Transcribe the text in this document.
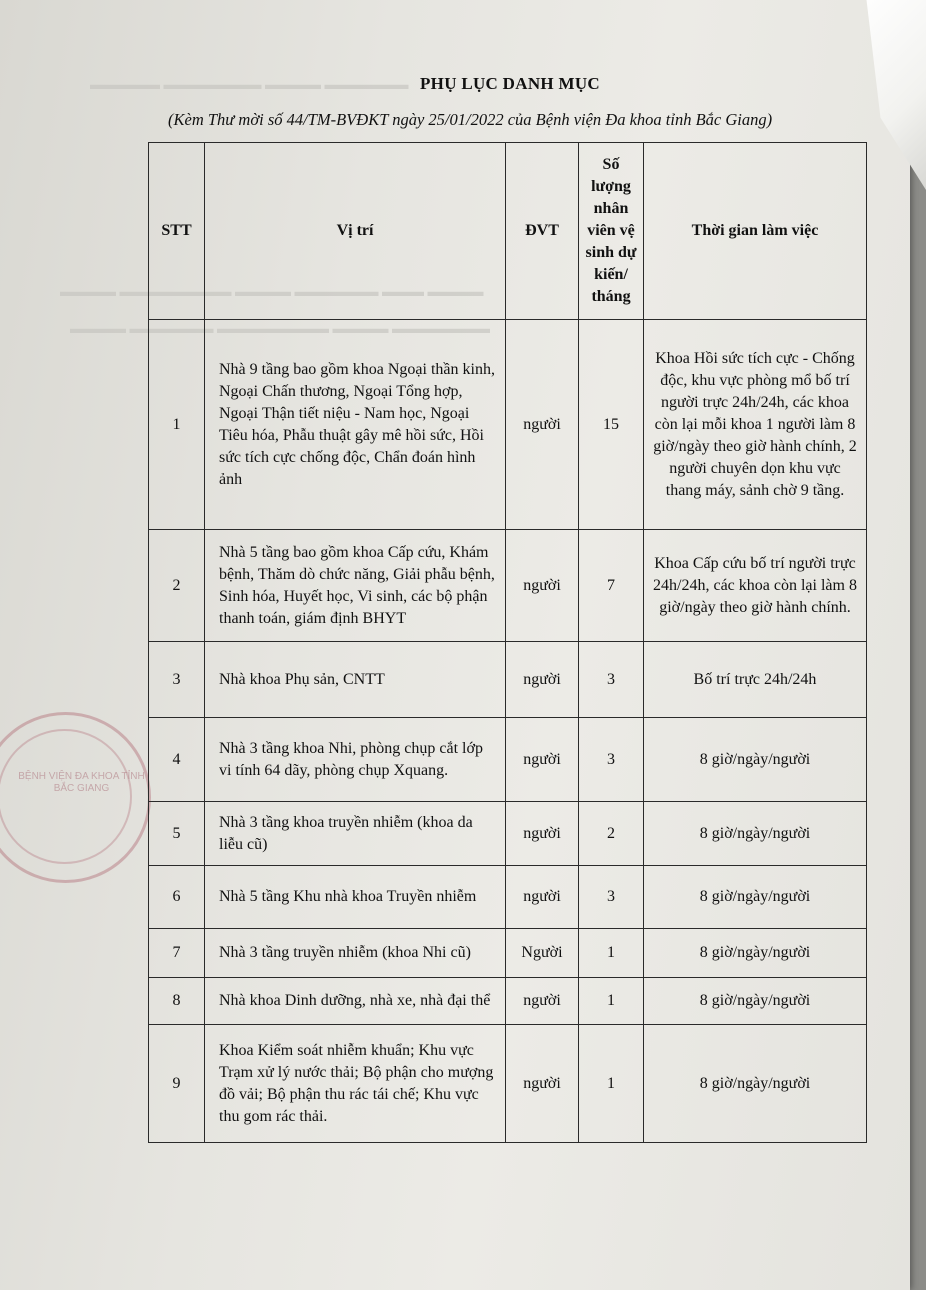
▬▬▬▬▬▬ ▬▬▬▬ ▬▬▬▬▬▬▬ ▬▬▬▬▬
▬▬▬▬ ▬▬▬ ▬▬▬▬▬▬ ▬▬▬▬ ▬▬▬▬▬▬▬▬ ▬▬▬▬
▬▬▬▬▬▬▬ ▬▬▬▬ ▬▬▬▬▬▬▬▬ ▬▬▬▬▬▬ ▬▬▬▬
BỆNH VIỆN ĐA KHOA TỈNH BẮC GIANG
PHỤ LỤC DANH MỤC
(Kèm Thư mời số 44/TM-BVĐKT ngày 25/01/2022 của Bệnh viện Đa khoa tỉnh Bắc Giang)
STT	Vị trí	ĐVT	Số lượng nhân viên vệ sinh dự kiến/ tháng	Thời gian làm việc
1	Nhà 9 tầng bao gồm khoa Ngoại thần kinh, Ngoại Chấn thương, Ngoại Tổng hợp, Ngoại Thận tiết niệu - Nam học, Ngoại Tiêu hóa, Phẫu thuật gây mê hồi sức, Hồi sức tích cực chống độc, Chẩn đoán hình ảnh	người	15	Khoa Hồi sức tích cực - Chống độc, khu vực phòng mổ bố trí người trực 24h/24h, các khoa còn lại mỗi khoa 1 người làm 8 giờ/ngày theo giờ hành chính, 2 người chuyên dọn khu vực thang máy, sảnh chờ 9 tầng.
2	Nhà 5 tầng bao gồm khoa Cấp cứu, Khám bệnh, Thăm dò chức năng, Giải phẫu bệnh, Sinh hóa, Huyết học, Vi sinh, các bộ phận thanh toán, giám định BHYT	người	7	Khoa Cấp cứu bố trí người trực 24h/24h, các khoa còn lại làm 8 giờ/ngày theo giờ hành chính.
3	Nhà khoa Phụ sản, CNTT	người	3	Bố trí trực 24h/24h
4	Nhà 3 tầng khoa Nhi, phòng chụp cắt lớp vi tính 64 dãy, phòng chụp Xquang.	người	3	8 giờ/ngày/người
5	Nhà 3 tầng khoa truyền nhiễm (khoa da liễu cũ)	người	2	8 giờ/ngày/người
6	Nhà 5 tầng Khu nhà khoa Truyền nhiễm	người	3	8 giờ/ngày/người
7	Nhà 3 tầng truyền nhiễm (khoa Nhi cũ)	Người	1	8 giờ/ngày/người
8	Nhà khoa Dinh dưỡng, nhà xe, nhà đại thể	người	1	8 giờ/ngày/người
9	Khoa Kiểm soát nhiễm khuẩn; Khu vực Trạm xử lý nước thải; Bộ phận cho mượng đồ vải; Bộ phận thu rác tái chế; Khu vực thu gom rác thải.	người	1	8 giờ/ngày/người
